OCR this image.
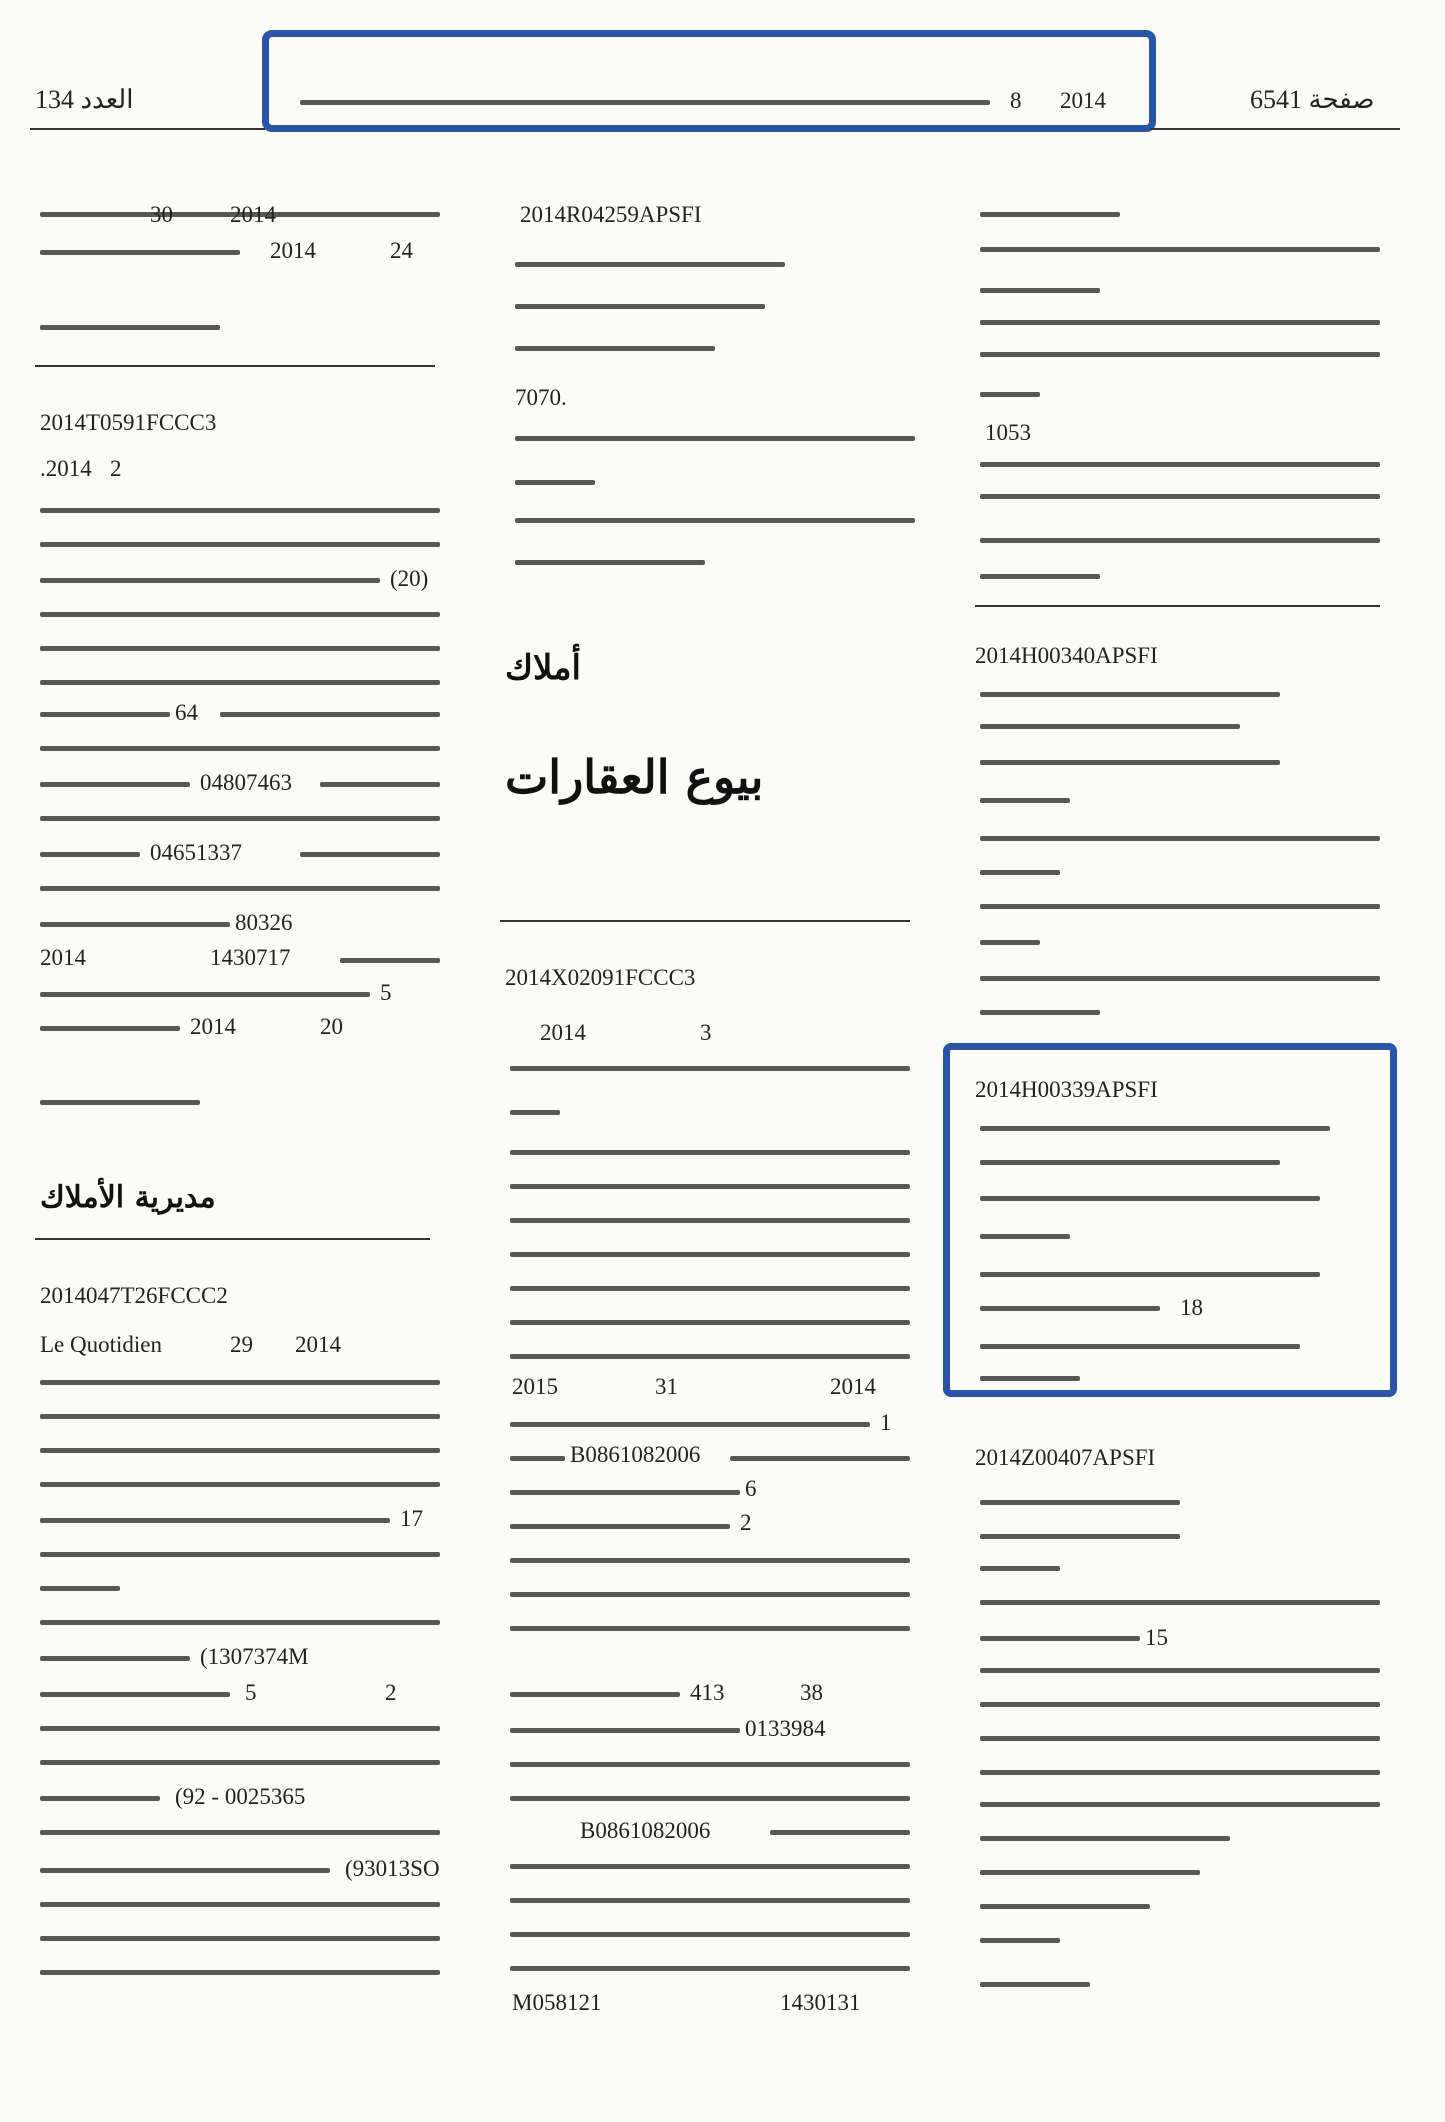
134 ﺍﻟﻌﺪﺩ	6541 ﺻﻔﺤﺔ
2014
8
1053
2014H00340APSFI
2014H00339APSFI
18
2014Z00407APSFI
15
2014R04259APSFI
7070.
ﺃﻣﻼﻙ
ﺑﻴﻮﻉ ﺍﻟﻌﻘﺎﺭﺍﺕ
2014X02091FCCC3
2014	3
2015	31	2014
1
B0861082006
6
2
38
413
0133984
B0861082006
1430131
M058121
24
2014
30 2014
2014T0591FCCC3
2
.2014
(20)
64
04807463
04651337
80326
2014	1430717
5
20
2014
ﻣﺪﻳﺮﻳﺔ ﺍﻷﻣﻼﻙ
2014047T26FCCC2
Le Quotidien	2014
29
17
(1307374M
2
5
(92 - 0025365
(93013SO
